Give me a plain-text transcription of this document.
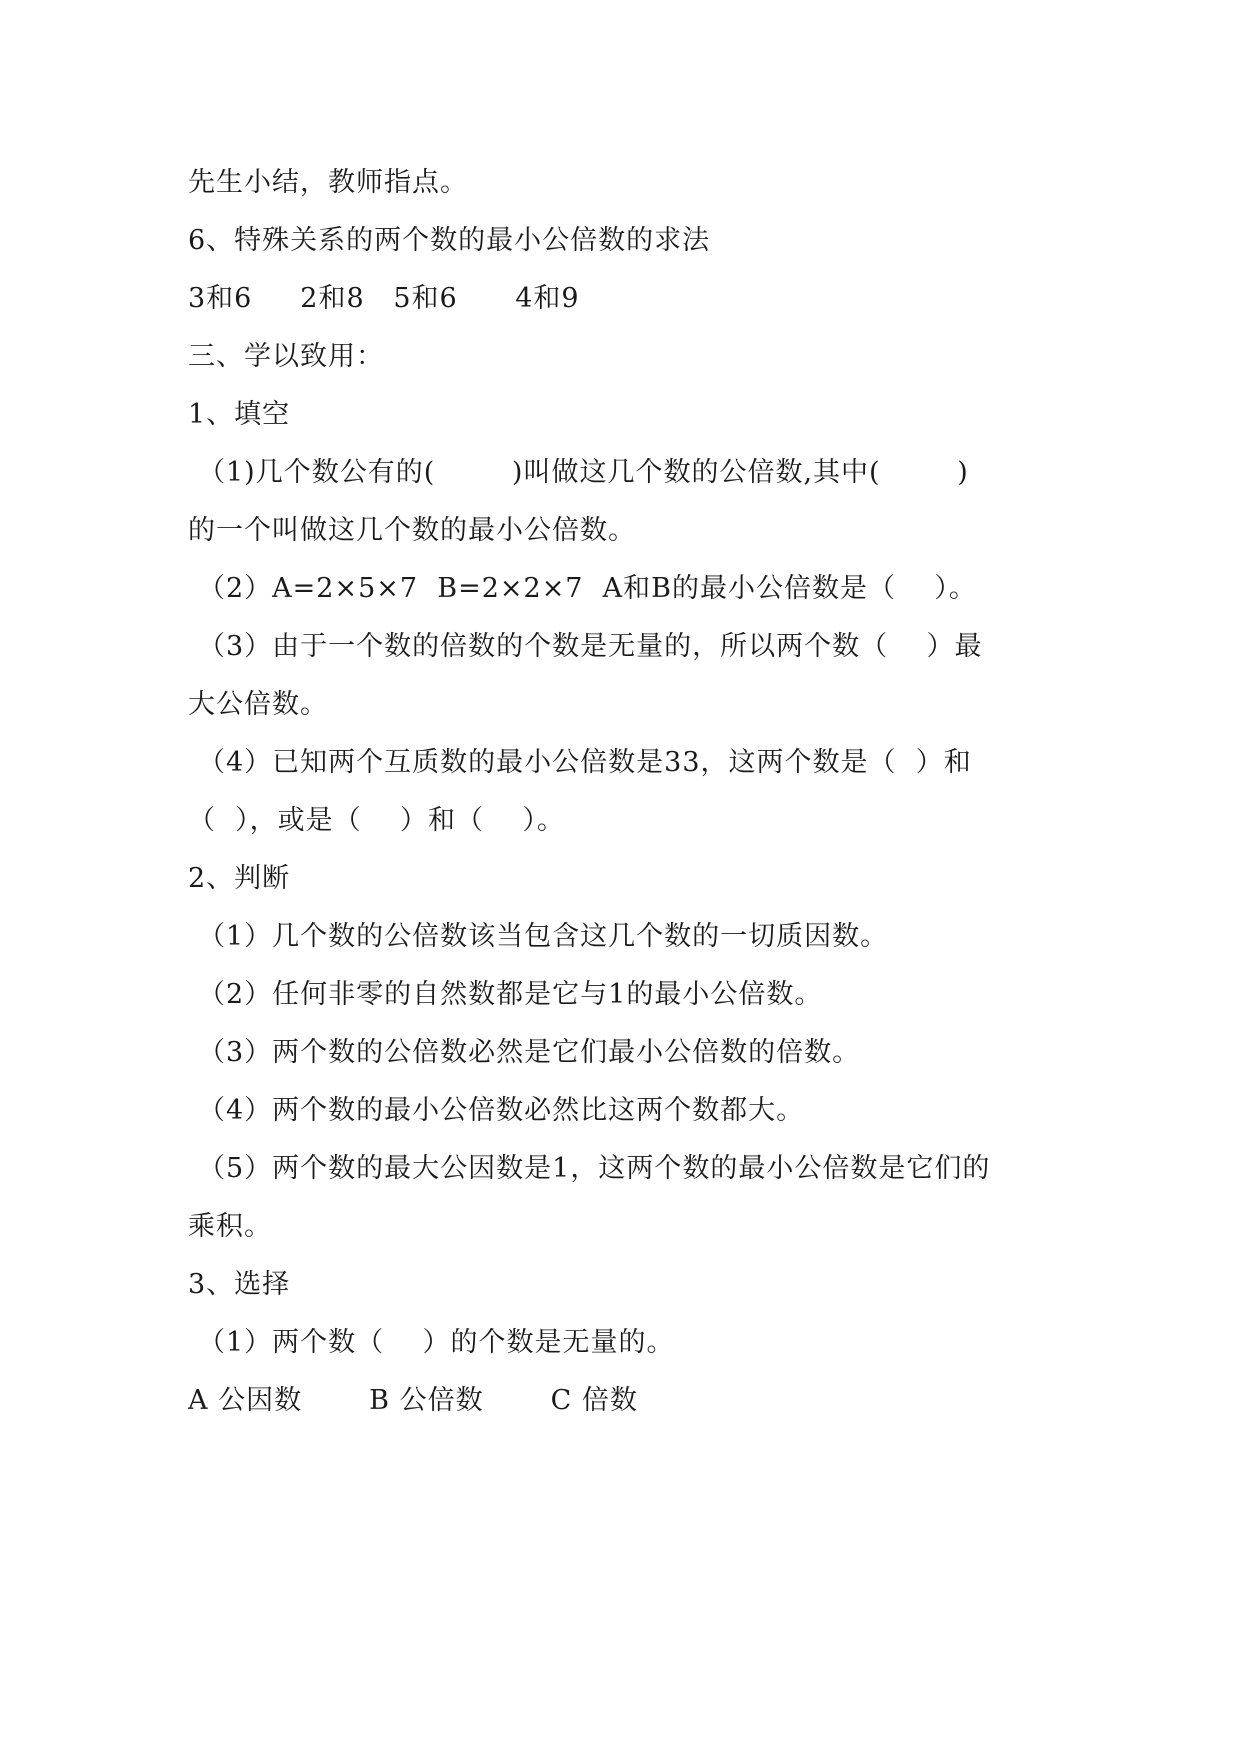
先生小结，教师指点。
6、特殊关系的两个数的最小公倍数的求法
3和6     2和8   5和6      4和9
三、学以致用：
1、填空
（1)几个数公有的(        )叫做这几个数的公倍数,其中(        )
的一个叫做这几个数的最小公倍数。
（2）A=2×5×7  B=2×2×7  A和B的最小公倍数是（    ）。
（3）由于一个数的倍数的个数是无量的，所以两个数（    ）最
大公倍数。
（4）已知两个互质数的最小公倍数是33，这两个数是（  ）和
（  ），或是（    ）和（    ）。
2、判断
（1）几个数的公倍数该当包含这几个数的一切质因数。
（2）任何非零的自然数都是它与1的最小公倍数。
（3）两个数的公倍数必然是它们最小公倍数的倍数。
（4）两个数的最小公倍数必然比这两个数都大。
（5）两个数的最大公因数是1，这两个数的最小公倍数是它们的
乘积。
3、选择
（1）两个数（    ）的个数是无量的。
A 公因数       B 公倍数       C 倍数
